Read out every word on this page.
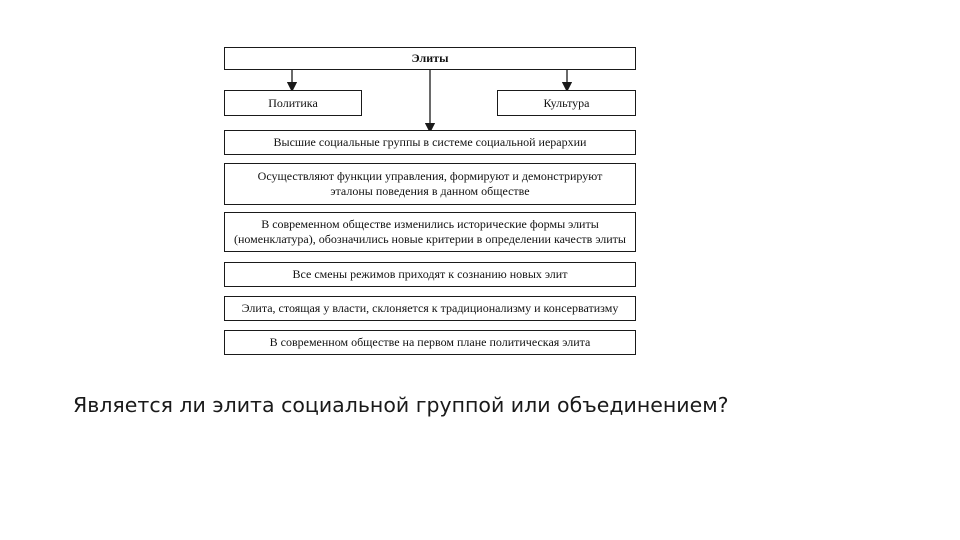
Элиты
Политика	Культура
Высшие социальные группы в системе социальной иерархии
Осуществляют функции управления, формируют и демонстрируют эталоны поведения в данном обществе
В современном обществе изменились исторические формы элиты (номенклатура), обозначились новые критерии в определении качеств элиты
Все смены режимов приходят к сознанию новых элит
Элита, стоящая у власти, склоняется к традиционализму и консерватизму
В современном обществе на первом плане политическая элита
Является ли элита социальной группой или объединением?
